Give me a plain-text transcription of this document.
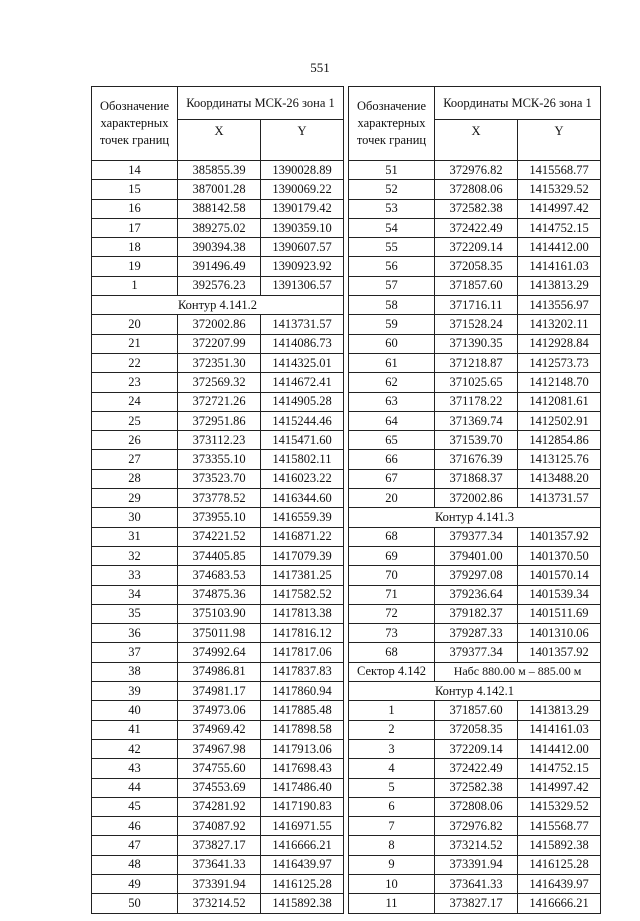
551
Обозначение характерных точек границ	Координаты МСК-26 зона 1	
	X	Y
14	385855.39	1390028.89
15	387001.28	1390069.22
16	388142.58	1390179.42
17	389275.02	1390359.10
18	390394.38	1390607.57
19	391496.49	1390923.92
1	392576.23	1391306.57
Контур 4.141.2		
20	372002.86	1413731.57
21	372207.99	1414086.73
22	372351.30	1414325.01
23	372569.32	1414672.41
24	372721.26	1414905.28
25	372951.86	1415244.46
26	373112.23	1415471.60
27	373355.10	1415802.11
28	373523.70	1416023.22
29	373778.52	1416344.60
30	373955.10	1416559.39
31	374221.52	1416871.22
32	374405.85	1417079.39
33	374683.53	1417381.25
34	374875.36	1417582.52
35	375103.90	1417813.38
36	375011.98	1417816.12
37	374992.64	1417817.06
38	374986.81	1417837.83
39	374981.17	1417860.94
40	374973.06	1417885.48
41	374969.42	1417898.58
42	374967.98	1417913.06
43	374755.60	1417698.43
44	374553.69	1417486.40
45	374281.92	1417190.83
46	374087.92	1416971.55
47	373827.17	1416666.21
48	373641.33	1416439.97
49	373391.94	1416125.28
50	373214.52	1415892.38
Обозначение характерных точек границ	Координаты МСК-26 зона 1	
	X	Y
51	372976.82	1415568.77
52	372808.06	1415329.52
53	372582.38	1414997.42
54	372422.49	1414752.15
55	372209.14	1414412.00
56	372058.35	1414161.03
57	371857.60	1413813.29
58	371716.11	1413556.97
59	371528.24	1413202.11
60	371390.35	1412928.84
61	371218.87	1412573.73
62	371025.65	1412148.70
63	371178.22	1412081.61
64	371369.74	1412502.91
65	371539.70	1412854.86
66	371676.39	1413125.76
67	371868.37	1413488.20
20	372002.86	1413731.57
Контур 4.141.3		
68	379377.34	1401357.92
69	379401.00	1401370.50
70	379297.08	1401570.14
71	379236.64	1401539.34
72	379182.37	1401511.69
73	379287.33	1401310.06
68	379377.34	1401357.92
Сектор 4.142	Набс 880.00 м – 885.00 м	
Контур 4.142.1		
1	371857.60	1413813.29
2	372058.35	1414161.03
3	372209.14	1414412.00
4	372422.49	1414752.15
5	372582.38	1414997.42
6	372808.06	1415329.52
7	372976.82	1415568.77
8	373214.52	1415892.38
9	373391.94	1416125.28
10	373641.33	1416439.97
11	373827.17	1416666.21
